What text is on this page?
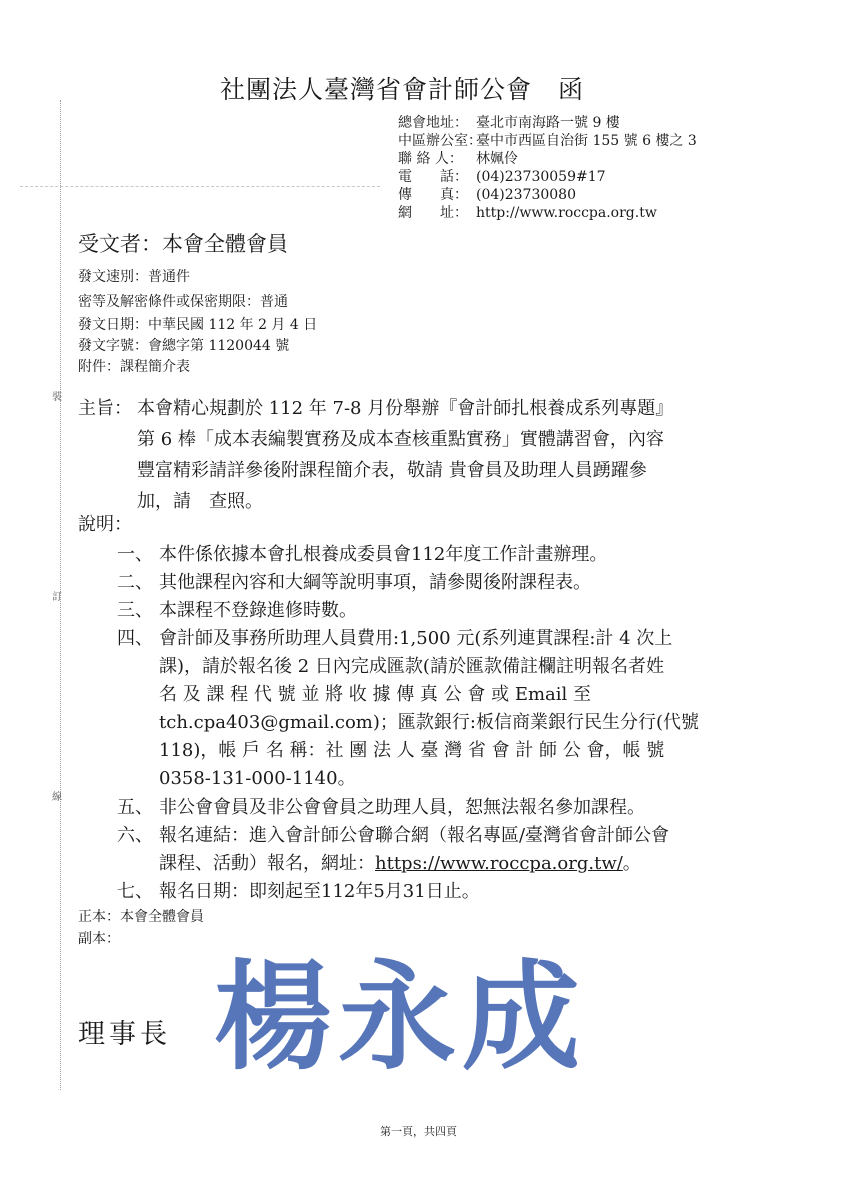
裝
訂
線
社團法人臺灣省會計師公會　函
總會地址： 臺北市南海路一號 9 樓
中區辦公室：臺中市西區自治街 155 號 6 樓之 3
聯 絡 人： 林姵伶
電　　話： (04)23730059#17
傳　　真： (04)23730080
網　　址： http://www.roccpa.org.tw
受文者：本會全體會員
發文速別：普通件
密等及解密條件或保密期限：普通
發文日期：中華民國 112 年 2 月 4 日
發文字號：會總字第 1120044 號
附件：課程簡介表
主旨： 本會精心規劃於 112 年 7-8 月份舉辦『會計師扎根養成系列專題』
第 6 棒「成本表編製實務及成本查核重點實務」實體講習會，內容
豐富精彩請詳參後附課程簡介表，敬請 貴會員及助理人員踴躍參
加，請　查照。
說明：
一、 本件係依據本會扎根養成委員會112年度工作計畫辦理。
二、 其他課程內容和大綱等說明事項，請參閱後附課程表。
三、 本課程不登錄進修時數。
四、 會計師及事務所助理人員費用:1,500 元(系列連貫課程:計 4 次上
課)，請於報名後 2 日內完成匯款(請於匯款備註欄註明報名者姓
名 及 課 程 代 號 並 將 收 據 傳 真 公 會 或 Email 至
tch.cpa403@gmail.com)；匯款銀行:板信商業銀行民生分行(代號
118)，帳 戶 名 稱：社 團 法 人 臺 灣 省 會 計 師 公 會，帳 號
0358-131-000-1140。
五、 非公會會員及非公會會員之助理人員，恕無法報名參加課程。
六、 報名連結：進入會計師公會聯合網（報名專區/臺灣省會計師公會
課程、活動）報名，網址：https://www.roccpa.org.tw/。
七、 報名日期：即刻起至112年5月31日止。
正本：本會全體會員
副本：
理事長 楊永成
第一頁，共四頁
